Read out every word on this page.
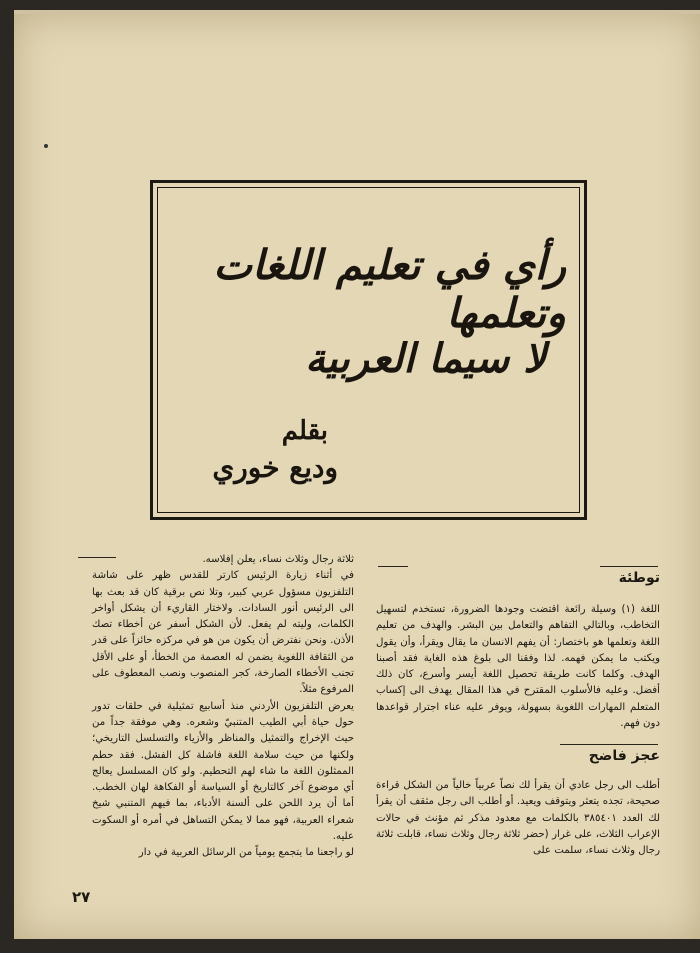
رأي في تعليم اللغات وتعلمها
لا سيما العربية
بقلم
وديع خوري
توطئة

اللغة (١) وسيلة رائعة اقتضت وجودها الضرورة، تستخدم لتسهيل التخاطب، وبالتالي التفاهم والتعامل بين البشر. والهدف من تعليم اللغة وتعلمها هو باختصار: أن يفهم الانسان ما يقال ويقرأ، وأن يقول ويكتب ما يمكن فهمه. لذا وفقنا الى بلوغ هذه الغاية فقد أصبنا الهدف. وكلما كانت طريقة تحصيل اللغة أيسر وأسرع، كان ذلك أفضل. وعليه فالأسلوب المقترح في هذا المقال يهدف الى إكساب المتعلم المهارات اللغوية بسهولة، ويوفر عليه عناء اجترار قواعدها دون فهم.

عجز فاضح

أطلب الى رجل عادي أن يقرأ لك نصاً عربياً خالياً من الشكل قراءة صحيحة، تجده يتعثر ويتوقف ويعيد. أو أطلب الى رجل مثقف أن يقرأ لك العدد ٣٨٥٤٠١ بالكلمات مع معدود مذكر ثم مؤنث في حالات الإعراب الثلاث، على غرار (حضر ثلاثة رجال وثلاث نساء، قابلت ثلاثة رجال وثلاث نساء، سلمت على

ثلاثة رجال وثلاث نساء، يعلن إفلاسه.

في أثناء زيارة الرئيس كارتر للقدس ظهر على شاشة التلفزيون مسؤول عربي كبير، وتلا نص برقية كان قد بعث بها الى الرئيس أنور السادات. ولاختار القاريء أن يشكل أواخر الكلمات، وليته لم يفعل. لأن الشكل أسفر عن أخطاء تصك الأذن. ونحن نفترض أن يكون من هو في مركزه حائزاً على قدر من الثقافة اللغوية يضمن له العصمة من الخطأ، أو على الأقل تجنب الأخطاء الصارخة، كجر المنصوب ونصب المعطوف على المرفوع مثلاً.

يعرض التلفزيون الأردني منذ أسابيع تمثيلية في حلقات تدور حول حياة أبي الطيب المتنبيّ وشعره. وهي موفقة جداً من حيث الإخراج والتمثيل والمناظر والأزياء والتسلسل التاريخي؛ ولكنها من حيث سلامة اللغة فاشلة كل الفشل. فقد حطم الممثلون اللغة ما شاء لهم التحطيم. ولو كان المسلسل يعالج أي موضوع آخر كالتاريخ أو السياسة أو الفكاهة لهان الخطب. أما أن يرد اللحن على ألسنة الأدباء، بما فيهم المتنبي شيخ شعراء العربية، فهو مما لا يمكن التساهل في أمره أو السكوت عليه.

لو راجعنا ما يتجمع يومياً من الرسائل العربية في دار

٢٧
